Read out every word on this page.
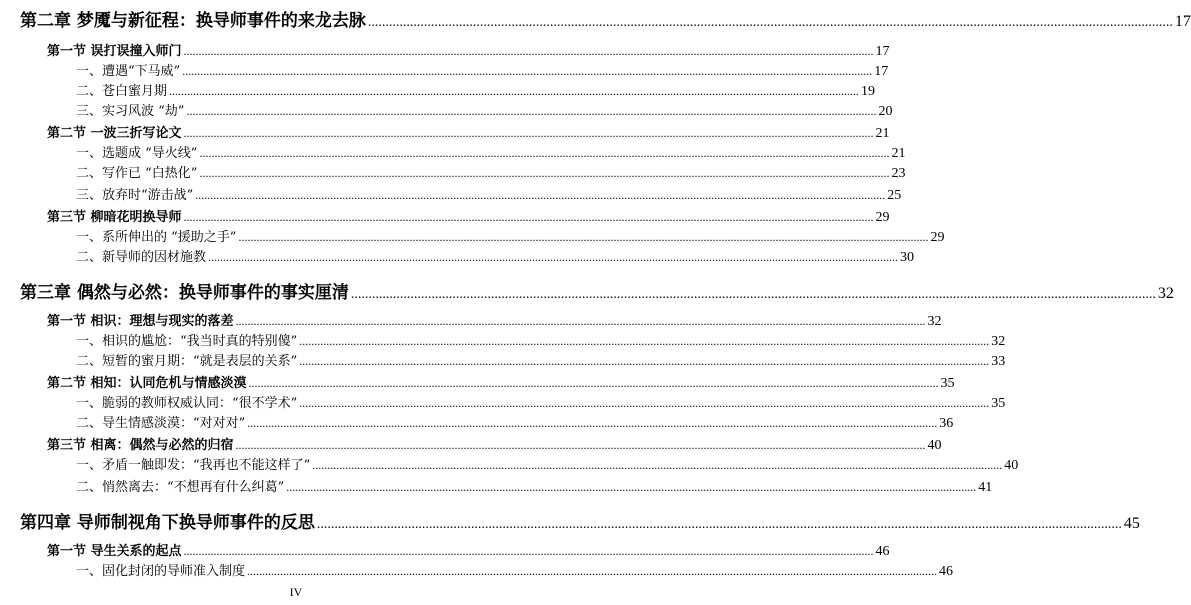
第二章 梦魇与新征程：换导师事件的来龙去脉 ...................................................................................................................................................................................................................................... 17
第一节 误打误撞入师门 ...................................................................................................................................................................................................................................... 17
一、遭遇“下马威” ...................................................................................................................................................................................................................................... 17
二、苍白蜜月期 ...................................................................................................................................................................................................................................... 19
三、实习风波 “劫” ...................................................................................................................................................................................................................................... 20
第二节 一波三折写论文 ...................................................................................................................................................................................................................................... 21
一、选题成 “导火线” ...................................................................................................................................................................................................................................... 21
二、写作已 “白热化” ...................................................................................................................................................................................................................................... 23
三、放弃时“游击战” ...................................................................................................................................................................................................................................... 25
第三节 柳暗花明换导师 ...................................................................................................................................................................................................................................... 29
一、系所伸出的 “援助之手” ...................................................................................................................................................................................................................................... 29
二、新导师的因材施教 ...................................................................................................................................................................................................................................... 30
第三章 偶然与必然：换导师事件的事实厘清 ...................................................................................................................................................................................................................................... 32
第一节 相识：理想与现实的落差 ...................................................................................................................................................................................................................................... 32
一、相识的尴尬：“我当时真的特别傻” ...................................................................................................................................................................................................................................... 32
二、短暂的蜜月期：“就是表层的关系” ...................................................................................................................................................................................................................................... 33
第二节 相知：认同危机与情感淡漠 ...................................................................................................................................................................................................................................... 35
一、脆弱的教师权威认同：“很不学术” ...................................................................................................................................................................................................................................... 35
二、导生情感淡漠：“对对对” ...................................................................................................................................................................................................................................... 36
第三节 相离：偶然与必然的归宿 ...................................................................................................................................................................................................................................... 40
一、矛盾一触即发：“我再也不能这样了” ...................................................................................................................................................................................................................................... 40
二、悄然离去：“不想再有什么纠葛” ...................................................................................................................................................................................................................................... 41
第四章 导师制视角下换导师事件的反思 ...................................................................................................................................................................................................................................... 45
第一节 导生关系的起点 ...................................................................................................................................................................................................................................... 46
一、固化封闭的导师准入制度 ...................................................................................................................................................................................................................................... 46
IV
